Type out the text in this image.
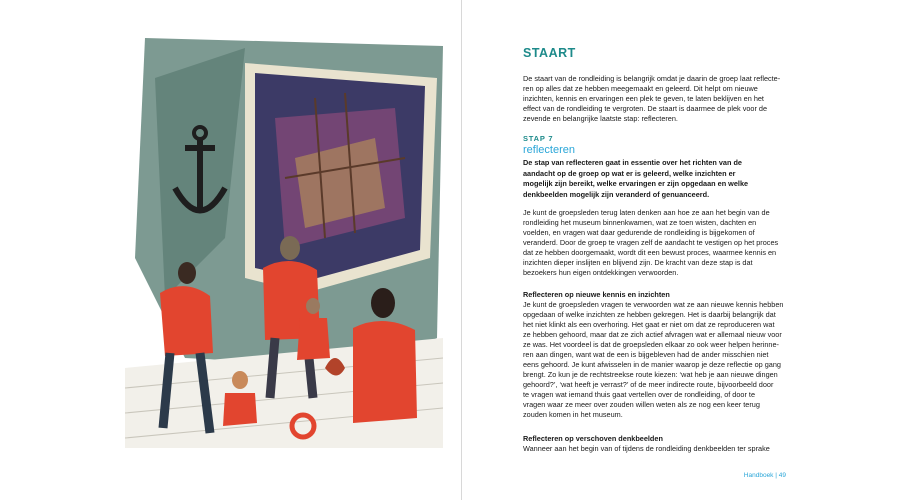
STAART
De staart van de rondleiding is belangrijk omdat je daarin de groep laat reflecte-
ren op alles dat ze hebben meegemaakt en geleerd. Dit helpt om nieuwe
inzichten, kennis en ervaringen een plek te geven, te laten beklijven en het
effect van de rondleiding te vergroten. De staart is daarmee de plek voor de
zevende en belangrijke laatste stap: reflecteren.
STAP 7
reflecteren
De stap van reflecteren gaat in essentie over het richten van de
aandacht op de groep op wat er is geleerd, welke inzichten er
mogelijk zijn bereikt, welke ervaringen er zijn opgedaan en welke
denkbeelden mogelijk zijn veranderd of genuanceerd.
Je kunt de groepsleden terug laten denken aan hoe ze aan het begin van de
rondleiding het museum binnenkwamen, wat ze toen wisten, dachten en
voelden, en vragen wat daar gedurende de rondleiding is bijgekomen of
veranderd. Door de groep te vragen zelf de aandacht te vestigen op het proces
dat ze hebben doorgemaakt, wordt dit een bewust proces, waarmee kennis en
inzichten dieper inslijten en blijvend zijn. De kracht van deze stap is dat
bezoekers hun eigen ontdekkingen verwoorden.
Reflecteren op nieuwe kennis en inzichten
Je kunt de groepsleden vragen te verwoorden wat ze aan nieuwe kennis hebben
opgedaan of welke inzichten ze hebben gekregen. Het is daarbij belangrijk dat
het niet klinkt als een overhoring. Het gaat er niet om dat ze reproduceren wat
ze hebben gehoord, maar dat ze zich actief afvragen wat er allemaal nieuw voor
ze was. Het voordeel is dat de groepsleden elkaar zo ook weer helpen herinne-
ren aan dingen, want wat de een is bijgebleven had de ander misschien niet
eens gehoord. Je kunt afwisselen in de manier waarop je deze reflectie op gang
brengt. Zo kun je de rechtstreekse route kiezen: ‘wat heb je aan nieuwe dingen
gehoord?’, ‘wat heeft je verrast?’ of de meer indirecte route, bijvoorbeeld door
te vragen wat iemand thuis gaat vertellen over de rondleiding, of door te
vragen waar ze meer over zouden willen weten als ze nog een keer terug
zouden komen in het museum.
Reflecteren op verschoven denkbeelden
Wanneer aan het begin van of tijdens de rondleiding denkbeelden ter sprake
Handboek | 49
